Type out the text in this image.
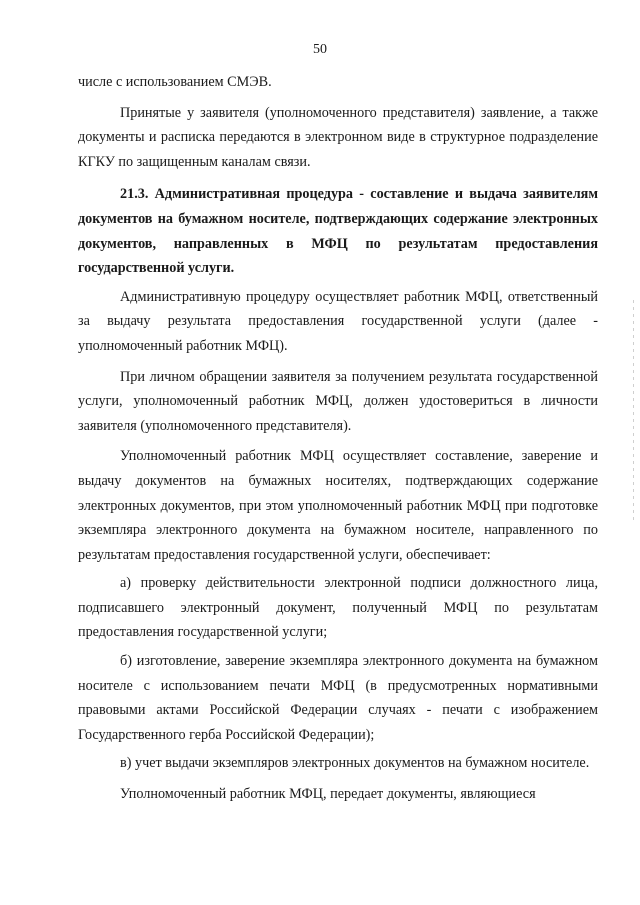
50

числе с использованием СМЭВ.

Принятые у заявителя (уполномоченного представителя) заявление, а также документы и расписка передаются в электронном виде в структурное подразделение КГКУ по защищенным каналам связи.

21.3. Административная процедура - составление и выдача заявителям документов на бумажном носителе, подтверждающих содержание электронных документов, направленных в МФЦ по результатам предоставления государственной услуги.

Административную процедуру осуществляет работник МФЦ, ответственный за выдачу результата предоставления государственной услуги (далее - уполномоченный работник МФЦ).

При личном обращении заявителя за получением результата государственной услуги, уполномоченный работник МФЦ, должен удостовериться в личности заявителя (уполномоченного представителя).

Уполномоченный работник МФЦ осуществляет составление, заверение и выдачу документов на бумажных носителях, подтверждающих содержание электронных документов, при этом уполномоченный работник МФЦ при подготовке экземпляра электронного документа на бумажном носителе, направленного по результатам предоставления государственной услуги, обеспечивает:

а) проверку действительности электронной подписи должностного лица, подписавшего электронный документ, полученный МФЦ по результатам предоставления государственной услуги;

б) изготовление, заверение экземпляра электронного документа на бумажном носителе с использованием печати МФЦ (в предусмотренных нормативными правовыми актами Российской Федерации случаях - печати с изображением Государственного герба Российской Федерации);

в) учет выдачи экземпляров электронных документов на бумажном носителе.

Уполномоченный работник МФЦ, передает документы, являющиеся
